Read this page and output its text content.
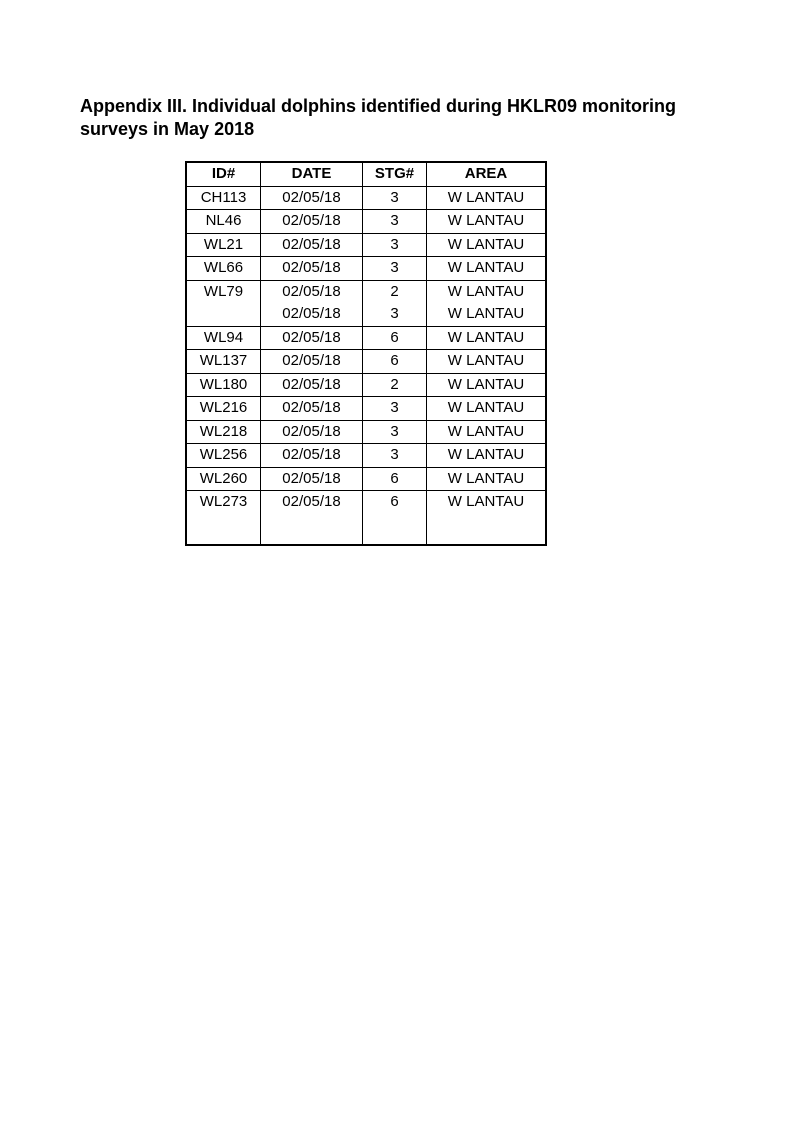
Appendix III. Individual dolphins identified during HKLR09 monitoring
surveys in May 2018
ID#	DATE	STG#	AREA
CH113	02/05/18	3	W LANTAU
NL46	02/05/18	3	W LANTAU
WL21	02/05/18	3	W LANTAU
WL66	02/05/18	3	W LANTAU
WL79	02/05/18	2	W LANTAU
	02/05/18	3	W LANTAU
WL94	02/05/18	6	W LANTAU
WL137	02/05/18	6	W LANTAU
WL180	02/05/18	2	W LANTAU
WL216	02/05/18	3	W LANTAU
WL218	02/05/18	3	W LANTAU
WL256	02/05/18	3	W LANTAU
WL260	02/05/18	6	W LANTAU
WL273	02/05/18	6	W LANTAU
